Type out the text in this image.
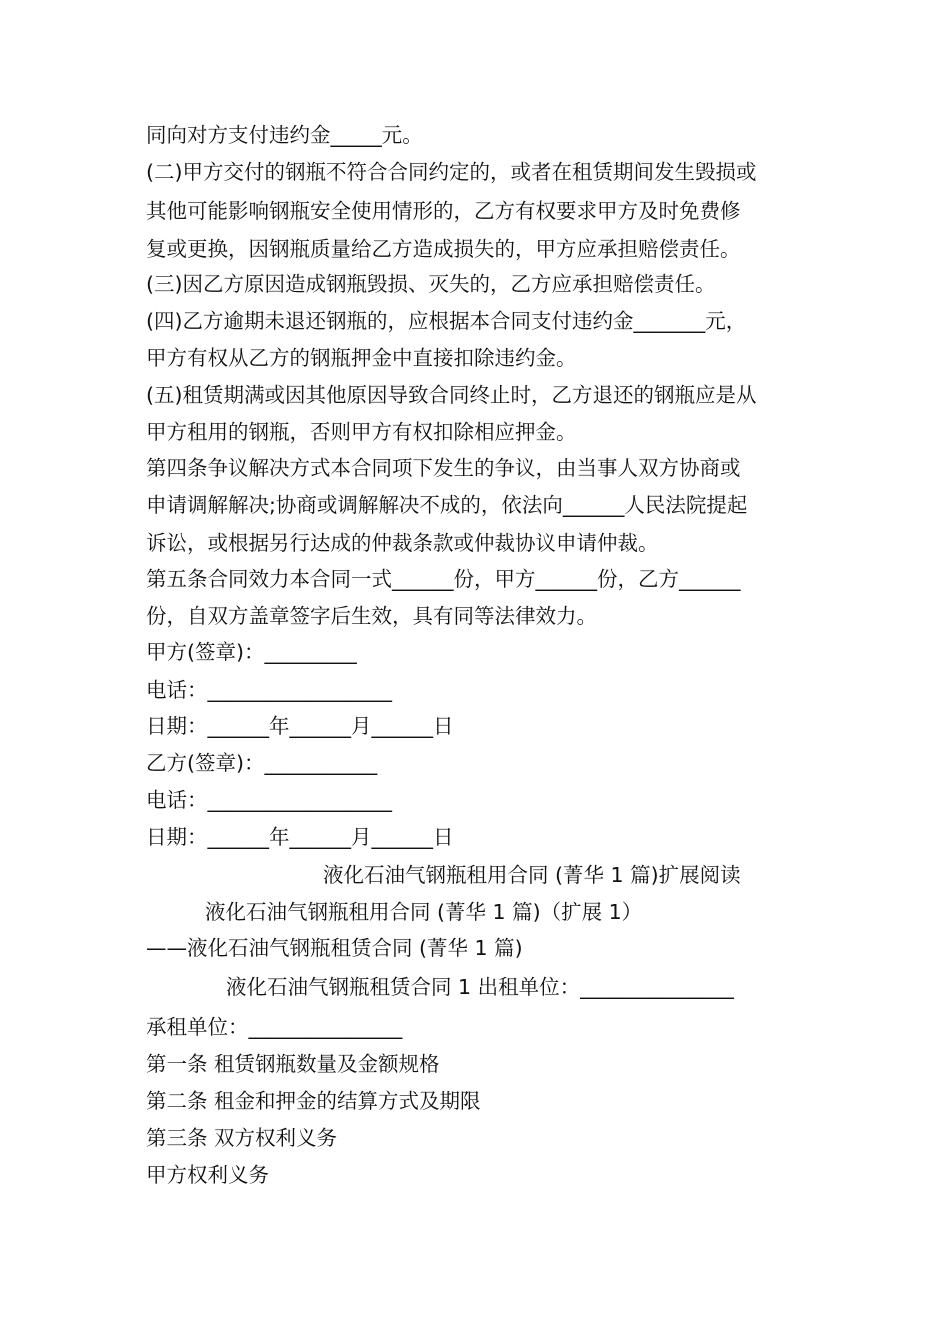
同向对方支付违约金_____元。
(二)甲方交付的钢瓶不符合合同约定的，或者在租赁期间发生毁损或
其他可能影响钢瓶安全使用情形的，乙方有权要求甲方及时免费修
复或更换，因钢瓶质量给乙方造成损失的，甲方应承担赔偿责任。
(三)因乙方原因造成钢瓶毁损、灭失的，乙方应承担赔偿责任。
(四)乙方逾期未退还钢瓶的，应根据本合同支付违约金_______元，
甲方有权从乙方的钢瓶押金中直接扣除违约金。
(五)租赁期满或因其他原因导致合同终止时，乙方退还的钢瓶应是从
甲方租用的钢瓶，否则甲方有权扣除相应押金。
第四条争议解决方式本合同项下发生的争议，由当事人双方协商或
申请调解解决;协商或调解解决不成的，依法向______人民法院提起
诉讼，或根据另行达成的仲裁条款或仲裁协议申请仲裁。
第五条合同效力本合同一式______份，甲方______份，乙方______
份，自双方盖章签字后生效，具有同等法律效力。
甲方(签章)：_________
电话：__________________
日期：______年______月______日
乙方(签章)：___________
电话：__________________
日期：______年______月______日
液化石油气钢瓶租用合同 (菁华 1 篇)扩展阅读
液化石油气钢瓶租用合同 (菁华 1 篇)（扩展 1）
——液化石油气钢瓶租赁合同 (菁华 1 篇)
液化石油气钢瓶租赁合同 1 出租单位：_______________
承租单位：_______________
第一条 租赁钢瓶数量及金额规格
第二条 租金和押金的结算方式及期限
第三条 双方权利义务
甲方权利义务
